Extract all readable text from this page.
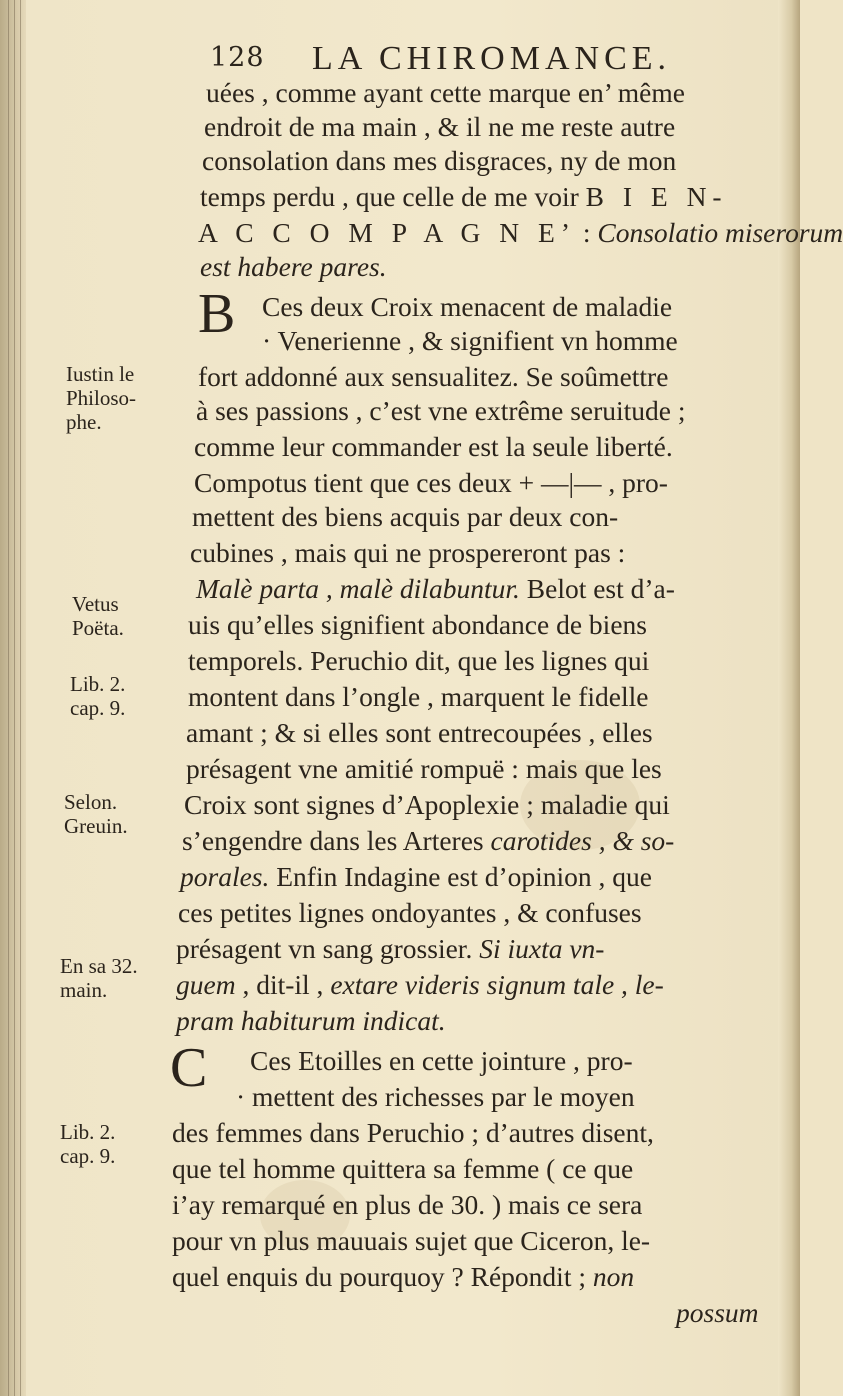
128 LA CHIROMANCE.
B
C
uées , comme ayant cette marque en’ même
endroit de ma main , & il ne me reste autre
consolation dans mes disgraces, ny de mon
temps perdu , que celle de me voir B I E N-
A C C O M P A G N E’ : Consolatio miserorum
est habere pares.
Ces deux Croix menacent de maladie
· Venerienne , & signifient vn homme
fort addonné aux sensualitez. Se soûmettre
à ses passions , c’est vne extrême seruitude ;
comme leur commander est la seule liberté.
Compotus tient que ces deux + —|— , pro-
mettent des biens acquis par deux con-
cubines , mais qui ne prospereront pas :
Malè parta , malè dilabuntur. Belot est d’a-
uis qu’elles signifient abondance de biens
temporels. Peruchio dit, que les lignes qui
montent dans l’ongle , marquent le fidelle
amant ; & si elles sont entrecoupées , elles
présagent vne amitié rompuë : mais que les
Croix sont signes d’Apoplexie ; maladie qui
s’engendre dans les Arteres carotides , & so-
porales. Enfin Indagine est d’opinion , que
ces petites lignes ondoyantes , & confuses
présagent vn sang grossier. Si iuxta vn-
guem , dit-il , extare videris signum tale , le-
pram habiturum indicat.
Ces Etoilles en cette jointure , pro-
· mettent des richesses par le moyen
des femmes dans Peruchio ; d’autres disent,
que tel homme quittera sa femme ( ce que
i’ay remarqué en plus de 30. ) mais ce sera
pour vn plus mauuais sujet que Ciceron, le-
quel enquis du pourquoy ? Répondit ; non
possum
Iustin le
Philoso-
phe.
Vetus
Poëta.
Lib. 2.
cap. 9.
Selon.
Greuin.
En sa 32.
main.
Lib. 2.
cap. 9.
